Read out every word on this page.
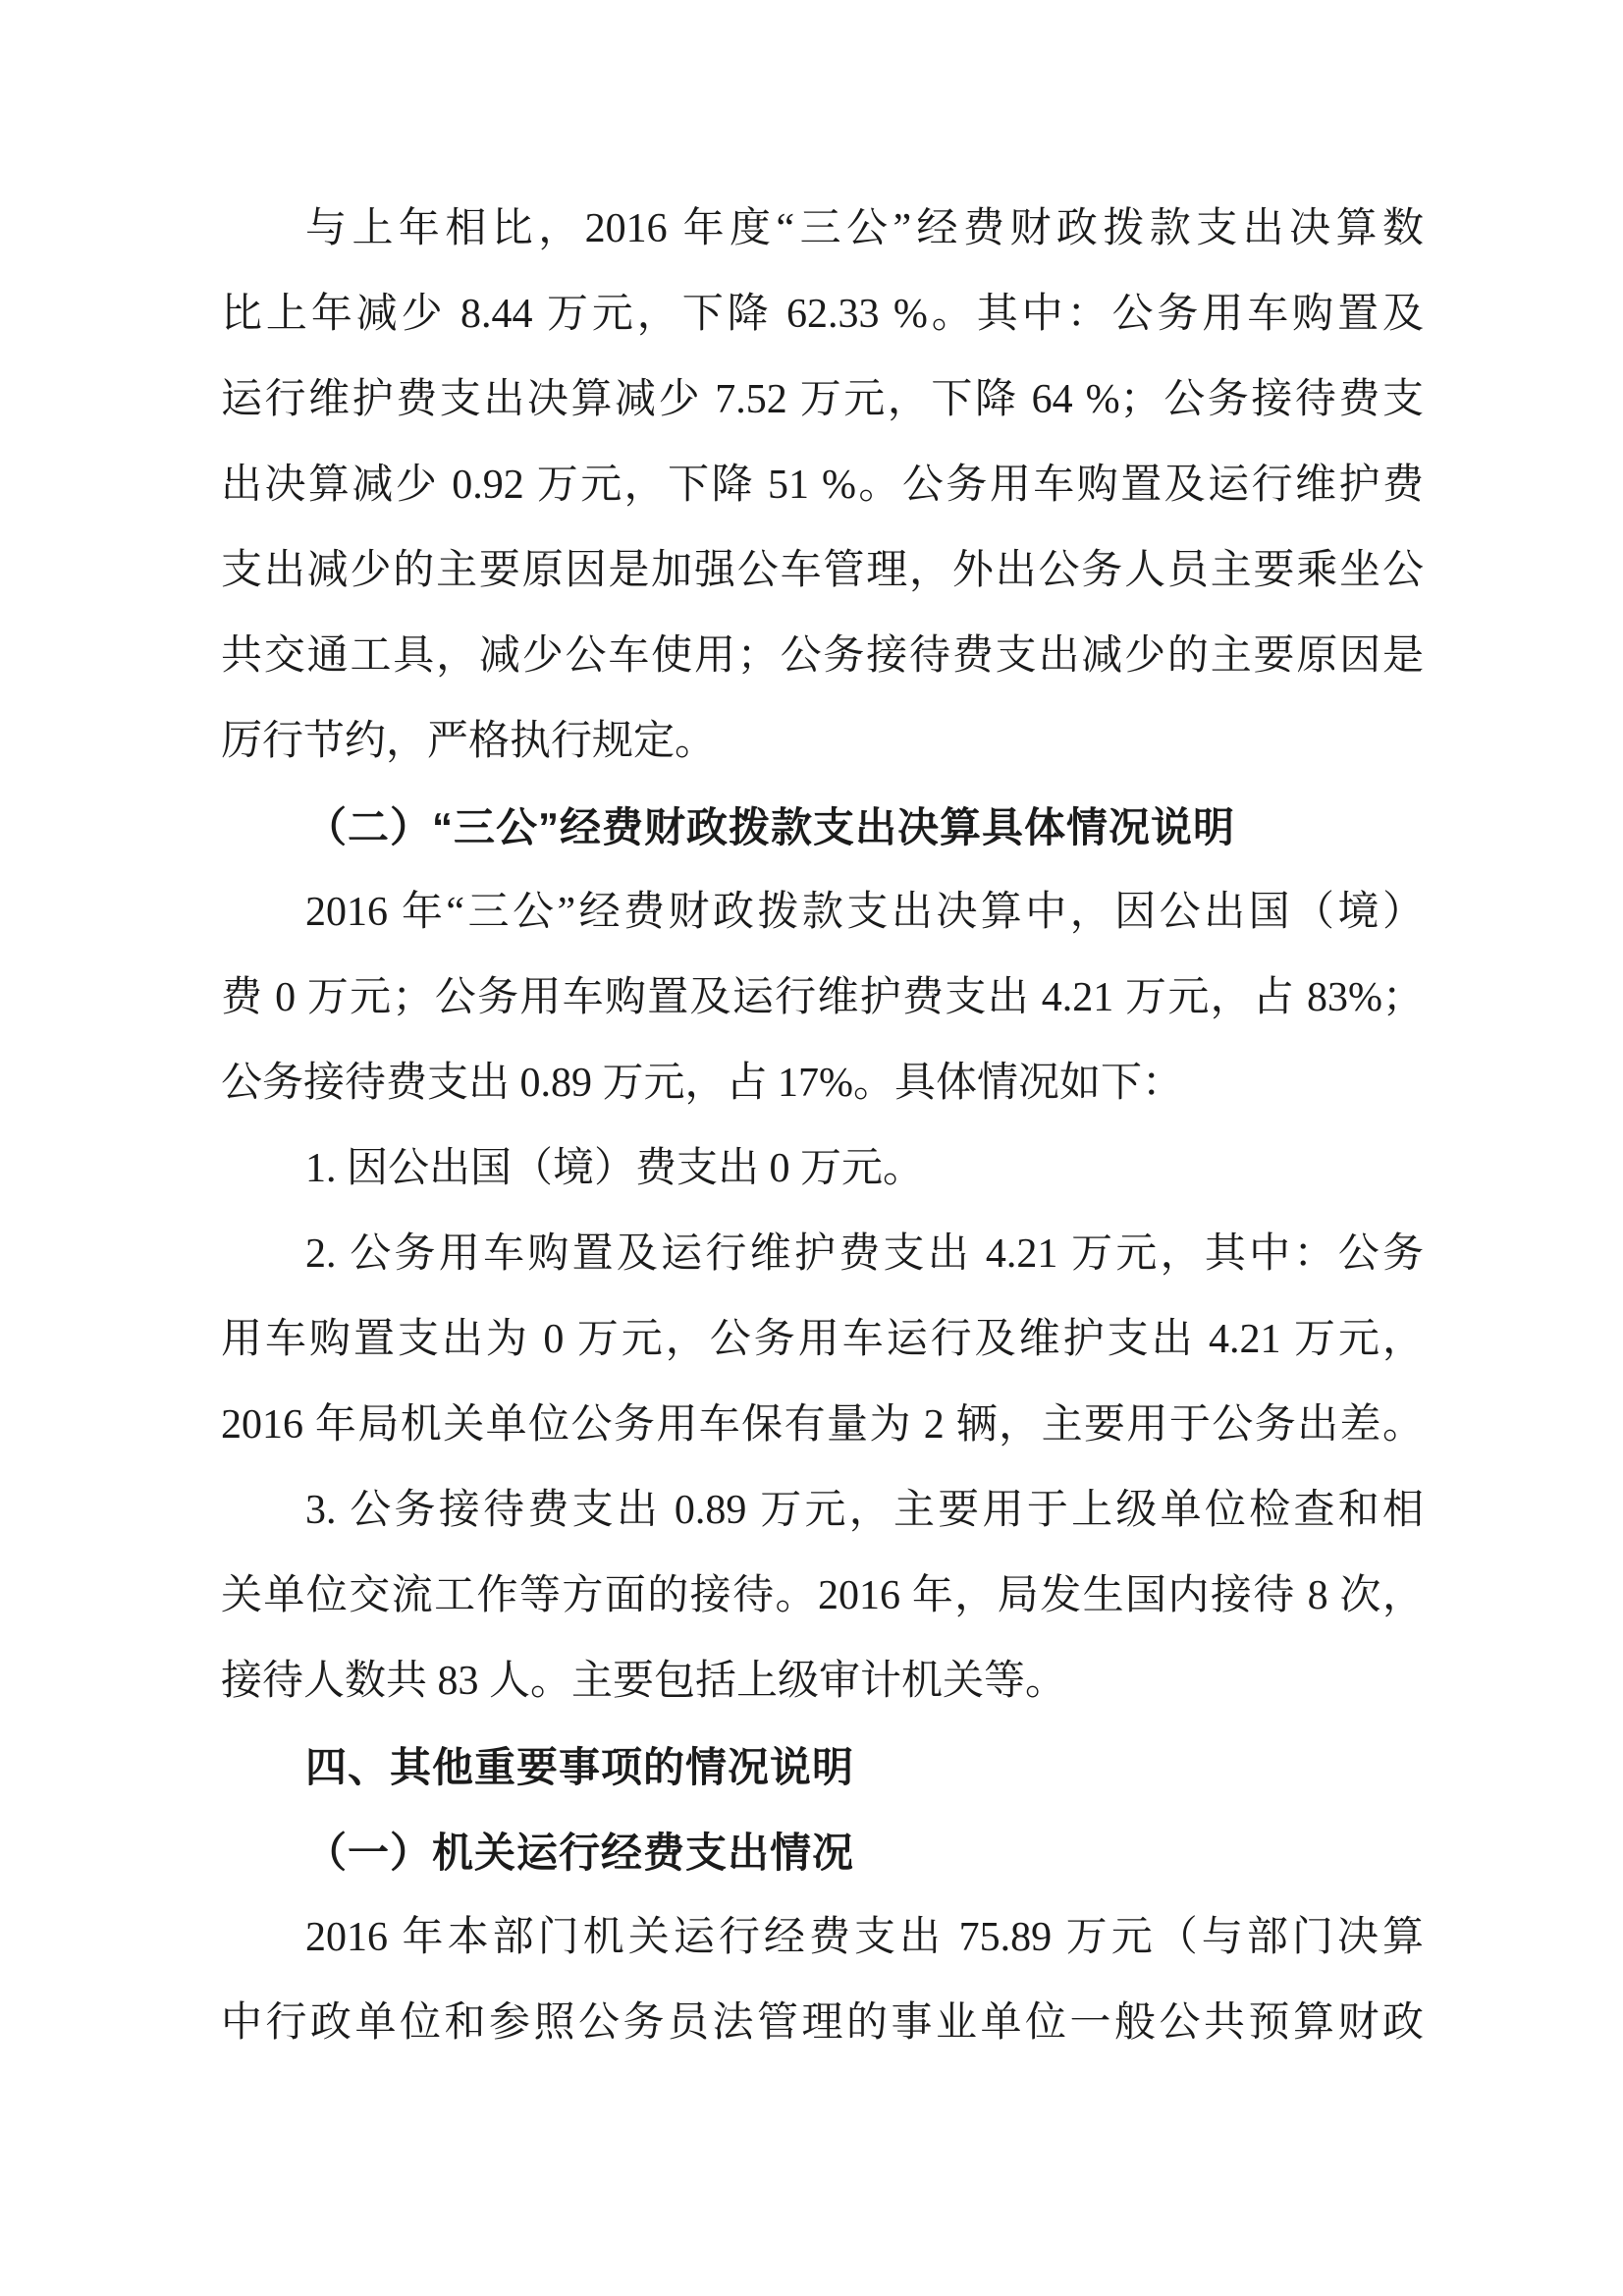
与上年相比，2016 年度“三公”经费财政拨款支出决算数
比上年减少 8.44 万元，下降 62.33 %。其中：公务用车购置及
运行维护费支出决算减少 7.52 万元，下降 64 %；公务接待费支
出决算减少 0.92 万元，下降 51 %。公务用车购置及运行维护费
支出减少的主要原因是加强公车管理，外出公务人员主要乘坐公
共交通工具，减少公车使用；公务接待费支出减少的主要原因是
厉行节约，严格执行规定。
（二）“三公”经费财政拨款支出决算具体情况说明
2016 年“三公”经费财政拨款支出决算中，因公出国（境）
费 0 万元；公务用车购置及运行维护费支出 4.21 万元，占 83%；
公务接待费支出 0.89 万元，占 17%。具体情况如下：
1. 因公出国（境）费支出 0 万元。
2. 公务用车购置及运行维护费支出 4.21 万元，其中：公务
用车购置支出为 0 万元，公务用车运行及维护支出 4.21 万元，
2016 年局机关单位公务用车保有量为 2 辆，主要用于公务出差。
3. 公务接待费支出 0.89 万元，主要用于上级单位检查和相
关单位交流工作等方面的接待。2016 年，局发生国内接待 8 次，
接待人数共 83 人。主要包括上级审计机关等。
四、其他重要事项的情况说明
（一）机关运行经费支出情况
2016 年本部门机关运行经费支出 75.89 万元（与部门决算
中行政单位和参照公务员法管理的事业单位一般公共预算财政
